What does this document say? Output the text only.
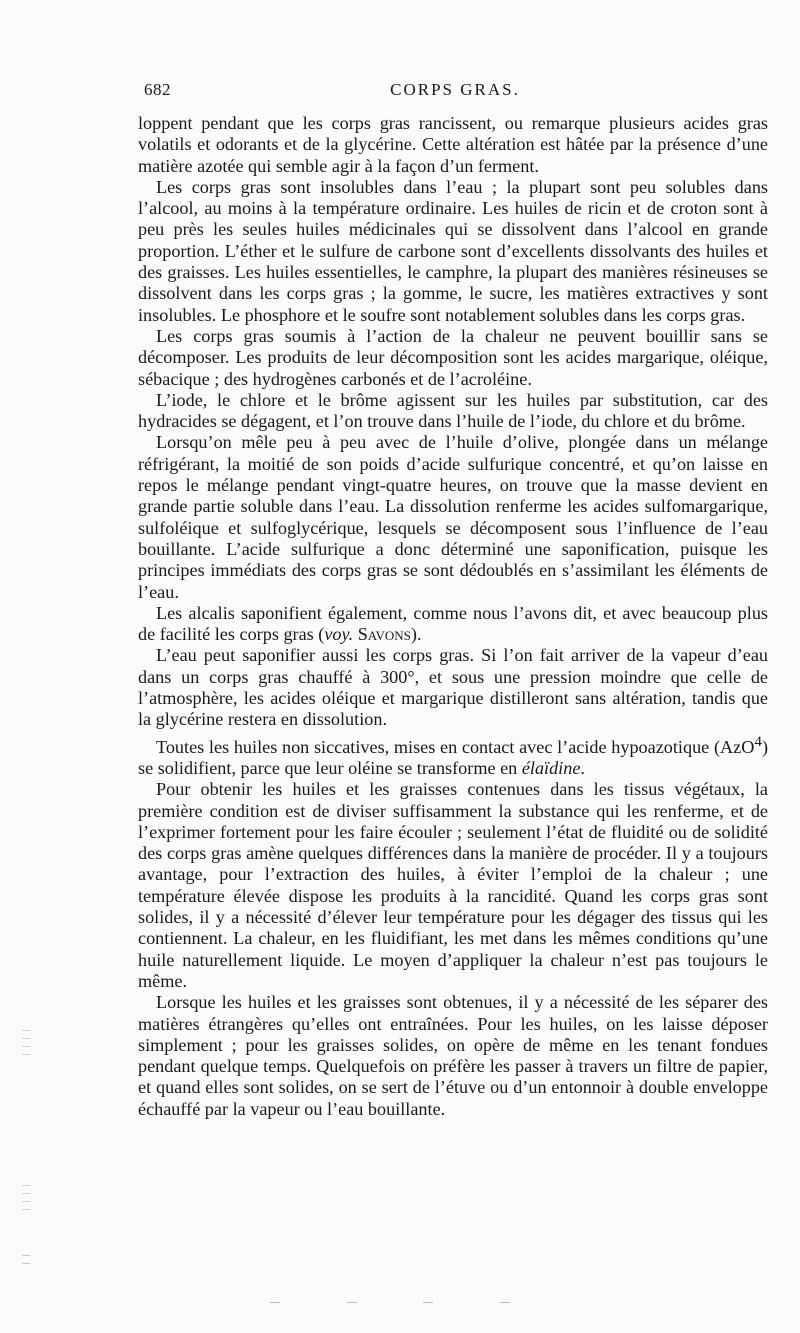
682	CORPS GRAS.

loppent pendant que les corps gras rancissent, ou remarque plusieurs acides gras volatils et odorants et de la glycérine. Cette altération est hâtée par la présence d’une matière azotée qui semble agir à la façon d’un ferment.

Les corps gras sont insolubles dans l’eau ; la plupart sont peu solubles dans l’alcool, au moins à la température ordinaire. Les huiles de ricin et de croton sont à peu près les seules huiles médicinales qui se dissolvent dans l’alcool en grande proportion. L’éther et le sulfure de carbone sont d’excellents dissolvants des huiles et des graisses. Les huiles essentielles, le camphre, la plupart des manières résineuses se dissolvent dans les corps gras ; la gomme, le sucre, les matières extractives y sont insolubles. Le phosphore et le soufre sont notablement solubles dans les corps gras.

Les corps gras soumis à l’action de la chaleur ne peuvent bouillir sans se décomposer. Les produits de leur décomposition sont les acides margarique, oléique, sébacique ; des hydrogènes carbonés et de l’acroléine.

L’iode, le chlore et le brôme agissent sur les huiles par substitution, car des hydracides se dégagent, et l’on trouve dans l’huile de l’iode, du chlore et du brôme.

Lorsqu’on mêle peu à peu avec de l’huile d’olive, plongée dans un mélange réfrigérant, la moitié de son poids d’acide sulfurique concentré, et qu’on laisse en repos le mélange pendant vingt-quatre heures, on trouve que la masse devient en grande partie soluble dans l’eau. La dissolution renferme les acides sulfomargarique, sulfoléique et sulfoglycérique, lesquels se décomposent sous l’influence de l’eau bouillante. L’acide sulfurique a donc déterminé une saponification, puisque les principes immédiats des corps gras se sont dédoublés en s’assimilant les éléments de l’eau.

Les alcalis saponifient également, comme nous l’avons dit, et avec beaucoup plus de facilité les corps gras (voy. Savons).

L’eau peut saponifier aussi les corps gras. Si l’on fait arriver de la vapeur d’eau dans un corps gras chauffé à 300°, et sous une pression moindre que celle de l’atmosphère, les acides oléique et margarique distilleront sans altération, tandis que la glycérine restera en dissolution.

Toutes les huiles non siccatives, mises en contact avec l’acide hypoazotique (AzO$^4$) se solidifient, parce que leur oléine se transforme en élaïdine.

Pour obtenir les huiles et les graisses contenues dans les tissus végétaux, la première condition est de diviser suffisamment la substance qui les renferme, et de l’exprimer fortement pour les faire écouler ; seulement l’état de fluidité ou de solidité des corps gras amène quelques différences dans la manière de procéder. Il y a toujours avantage, pour l’extraction des huiles, à éviter l’emploi de la chaleur ; une température élevée dispose les produits à la rancidité. Quand les corps gras sont solides, il y a nécessité d’élever leur température pour les dégager des tissus qui les contiennent. La chaleur, en les fluidifiant, les met dans les mêmes conditions qu’une huile naturellement liquide. Le moyen d’appliquer la chaleur n’est pas toujours le même.

Lorsque les huiles et les graisses sont obtenues, il y a nécessité de les séparer des matières étrangères qu’elles ont entraînées. Pour les huiles, on les laisse déposer simplement ; pour les graisses solides, on opère de même en les tenant fondues pendant quelque temps. Quelquefois on préfère les passer à travers un filtre de papier, et quand elles sont solides, on se sert de l’étuve ou d’un entonnoir à double enveloppe échauffé par la vapeur ou l’eau bouillante.
